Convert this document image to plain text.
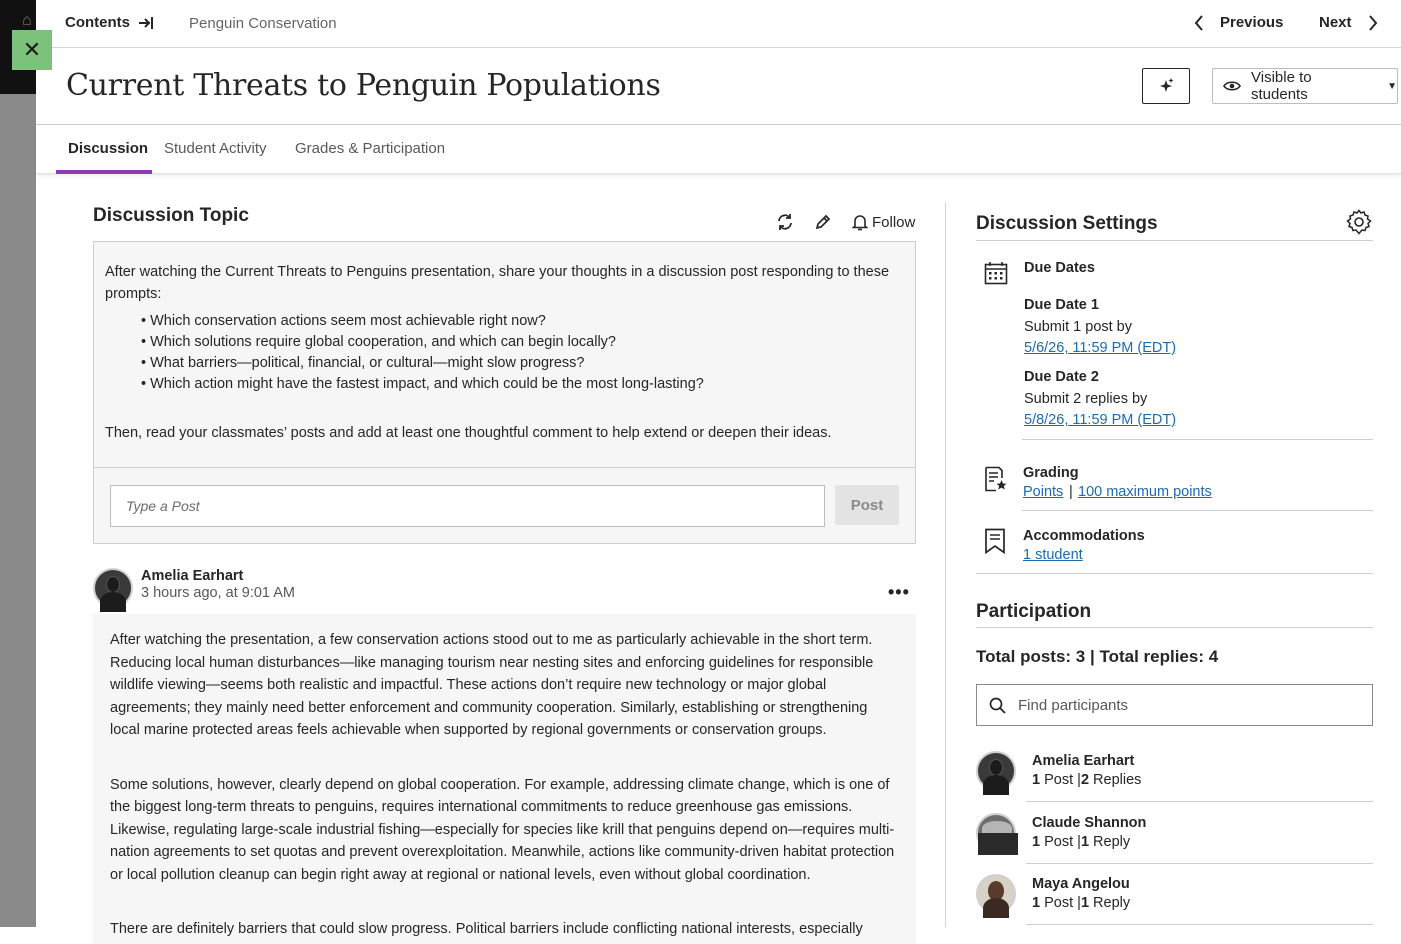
⌂
✕
Contents	Penguin Conservation	Previous Next
Current Threats to Penguin Populations	Visible to students	▼
Discussion Student Activity Grades & Participation
Discussion Topic	Follow

After watching the Current Threats to Penguins presentation, share your thoughts in a discussion post responding to these prompts:

• Which conservation actions seem most achievable right now?
• Which solutions require global cooperation, and which can begin locally?
• What barriers—political, financial, or cultural—might slow progress?
• Which action might have the fastest impact, and which could be the most long-lasting?

Then, read your classmates’ posts and add at least one thoughtful comment to help extend or deepen their ideas.

Type a Post	Post
Amelia Earhart
3 hours ago, at 9:01 AM	•••

After watching the presentation, a few conservation actions stood out to me as particularly achievable in the short term. Reducing local human disturbances—like managing tourism near nesting sites and enforcing guidelines for responsible wildlife viewing—seems both realistic and impactful. These actions don’t require new technology or major global agreements; they mainly need better enforcement and community cooperation. Similarly, establishing or strengthening local marine protected areas feels achievable when supported by regional governments or conservation groups.

Some solutions, however, clearly depend on global cooperation. For example, addressing climate change, which is one of the biggest long-term threats to penguins, requires international commitments to reduce greenhouse gas emissions. Likewise, regulating large-scale industrial fishing—especially for species like krill that penguins depend on—requires multi-nation agreements to set quotas and prevent overexploitation. Meanwhile, actions like community-driven habitat protection or local pollution cleanup can begin right away at regional or national levels, even without global coordination.

There are definitely barriers that could slow progress. Political barriers include conflicting national interests, especially

Discussion Settings
Due Dates
Due Date 1
Submit 1 post by
5/6/26, 11:59 PM (EDT)
Due Date 2
Submit 2 replies by
5/8/26, 11:59 PM (EDT)
Grading
Points | 100 maximum points
Accommodations
1 student
Participation
Total posts: 3 | Total replies: 4
Find participants
Amelia Earhart
1 Post |2 Replies
Claude Shannon
1 Post |1 Reply
Maya Angelou
1 Post |1 Reply
